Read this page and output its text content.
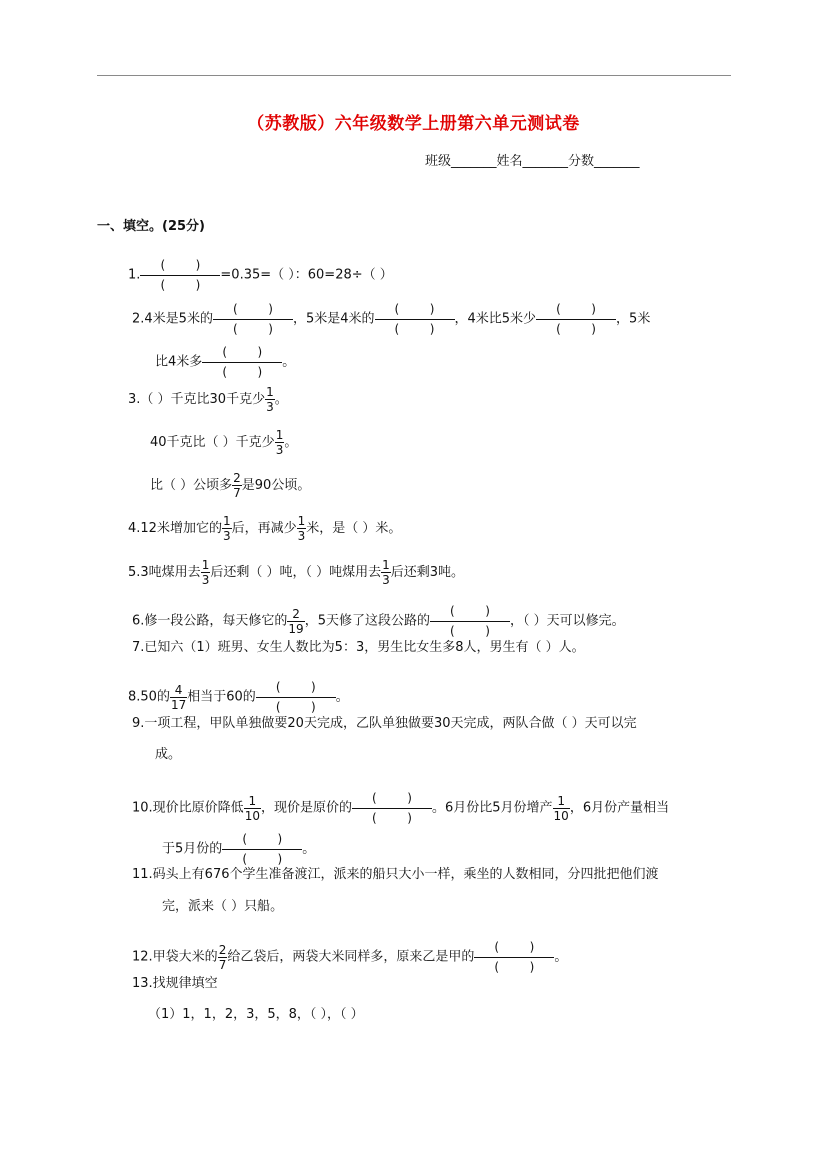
（苏教版）六年级数学上册第六单元测试卷
班级_______姓名_______分数_______
一、填空。(25分)
1.
(        )
(        )
=0.35=（ ）：60=28÷（ ）
2.4米是5米的
(        )
(        )
，5米是4米的
(        )
(        )
，4米比5米少
(        )
(        )
，5米
比4米多
(        )
(        )
。
3.（ ）千克比30千克少 $\frac{1}{3}$ 。
40千克比（ ）千克少 $\frac{1}{3}$ 。
比（ ）公顷多 $\frac{2}{7}$ 是90公顷。
4.12米增加它的 $\frac{1}{3}$ 后，再减少 $\frac{1}{3}$ 米，是（ ）米。
5.3吨煤用去 $\frac{1}{3}$ 后还剩（ ）吨，（ ）吨煤用去 $\frac{1}{3}$ 后还剩3吨。
6.修一段公路，每天修它的 $\frac{2}{19}$ ，5天修了这段公路的
(        )
(        )
，（ ）天可以修完。
7.已知六（1）班男、女生人数比为5：3，男生比女生多8人，男生有（ ）人。
8.50的 $\frac{4}{17}$ 相当于60的
(        )
(        )
。
9.一项工程，甲队单独做要20天完成，乙队单独做要30天完成，两队合做（ ）天可以完
成。
10.现价比原价降低 $\frac{1}{10}$ ，现价是原价的
(        )
(        )
。6月份比5月份增产 $\frac{1}{10}$ ，6月份产量相当
于5月份的
(        )
(        )
。
11.码头上有676个学生准备渡江，派来的船只大小一样，乘坐的人数相同，分四批把他们渡
完，派来（ ）只船。
12.甲袋大米的 $\frac{2}{7}$ 给乙袋后，两袋大米同样多，原来乙是甲的
(        )
(        )
。
13.找规律填空
（1）1，1，2，3，5，8，（ ），（ ）
